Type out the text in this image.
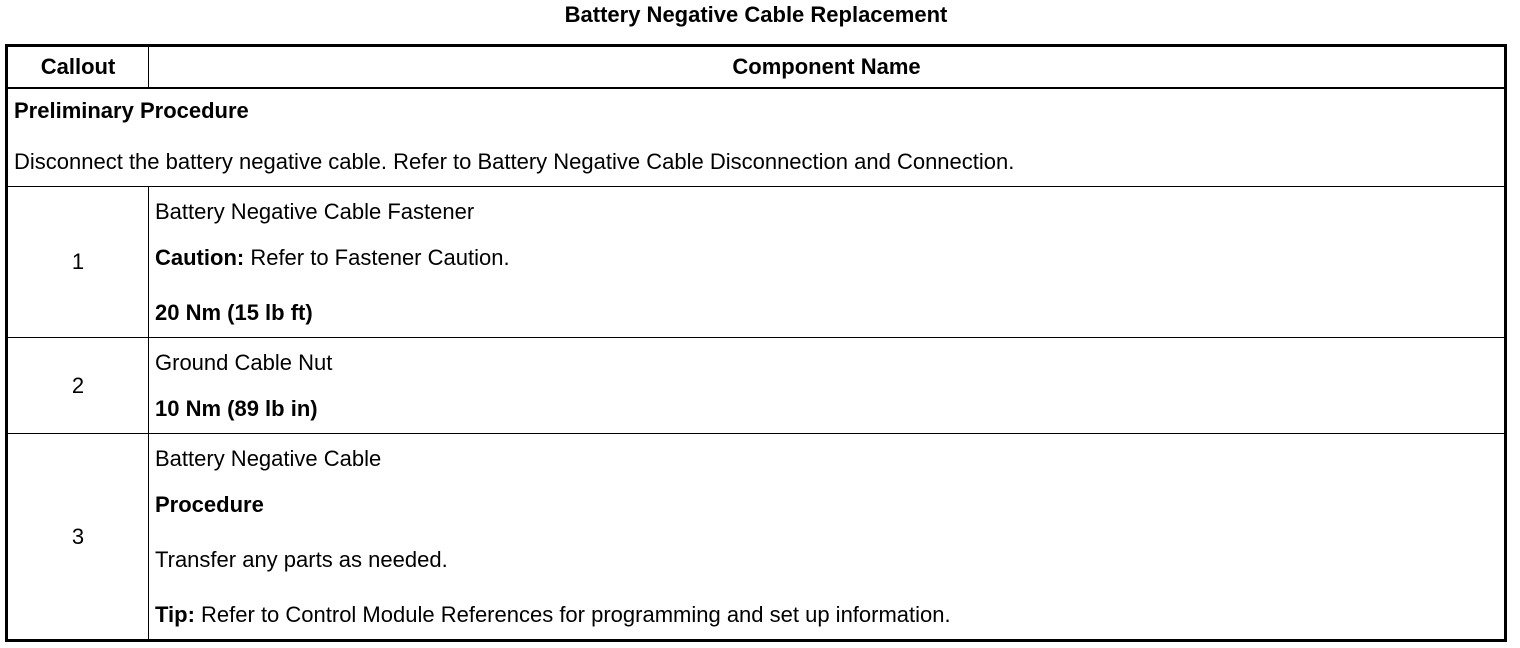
Battery Negative Cable Replacement
Callout	Component Name

Preliminary Procedure
Disconnect the battery negative cable. Refer to Battery Negative Cable Disconnection and Connection.	

1	Battery Negative Cable Fastener
Caution: Refer to Fastener Caution.
20 Nm (15 lb ft)

2	Ground Cable Nut
10 Nm (89 lb in)

3	Battery Negative Cable
Procedure
Transfer any parts as needed.
Tip: Refer to Control Module References for programming and set up information.
